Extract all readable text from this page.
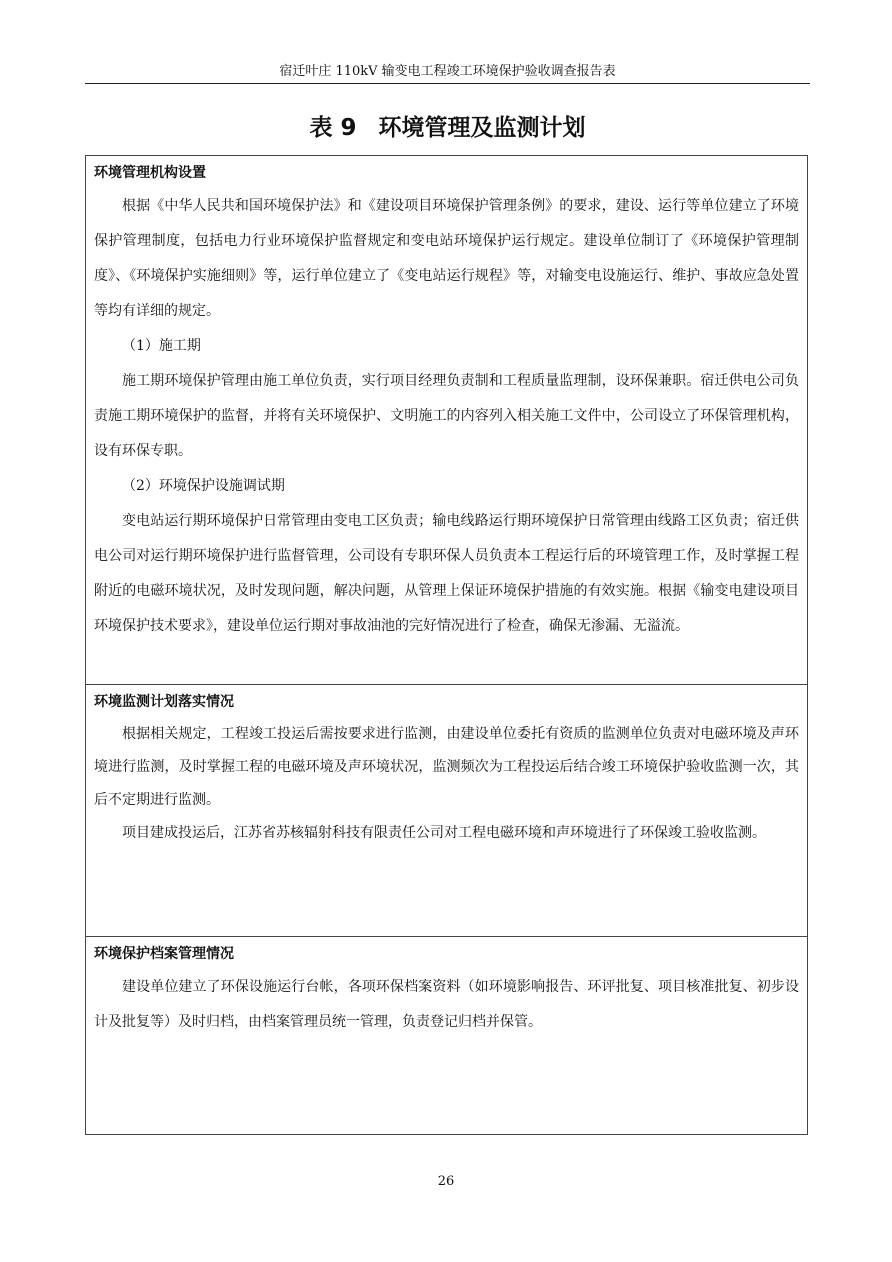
宿迁叶庄 110kV 输变电工程竣工环境保护验收调查报告表
表 9 环境管理及监测计划
环境管理机构设置

根据《中华人民共和国环境保护法》和《建设项目环境保护管理条例》的要求，建设、运行等单位建立了环境保护管理制度，包括电力行业环境保护监督规定和变电站环境保护运行规定。建设单位制订了《环境保护管理制度》、《环境保护实施细则》等，运行单位建立了《变电站运行规程》等，对输变电设施运行、维护、事故应急处置等均有详细的规定。

（1）施工期

施工期环境保护管理由施工单位负责，实行项目经理负责制和工程质量监理制，设环保兼职。宿迁供电公司负责施工期环境保护的监督，并将有关环境保护、文明施工的内容列入相关施工文件中，公司设立了环保管理机构，设有环保专职。

（2）环境保护设施调试期

变电站运行期环境保护日常管理由变电工区负责；输电线路运行期环境保护日常管理由线路工区负责；宿迁供电公司对运行期环境保护进行监督管理，公司设有专职环保人员负责本工程运行后的环境管理工作，及时掌握工程附近的电磁环境状况，及时发现问题，解决问题，从管理上保证环境保护措施的有效实施。根据《输变电建设项目环境保护技术要求》，建设单位运行期对事故油池的完好情况进行了检查，确保无渗漏、无溢流。

环境监测计划落实情况

根据相关规定，工程竣工投运后需按要求进行监测，由建设单位委托有资质的监测单位负责对电磁环境及声环境进行监测，及时掌握工程的电磁环境及声环境状况，监测频次为工程投运后结合竣工环境保护验收监测一次，其后不定期进行监测。

项目建成投运后，江苏省苏核辐射科技有限责任公司对工程电磁环境和声环境进行了环保竣工验收监测。

环境保护档案管理情况

建设单位建立了环保设施运行台帐，各项环保档案资料（如环境影响报告、环评批复、项目核准批复、初步设计及批复等）及时归档，由档案管理员统一管理，负责登记归档并保管。

26
